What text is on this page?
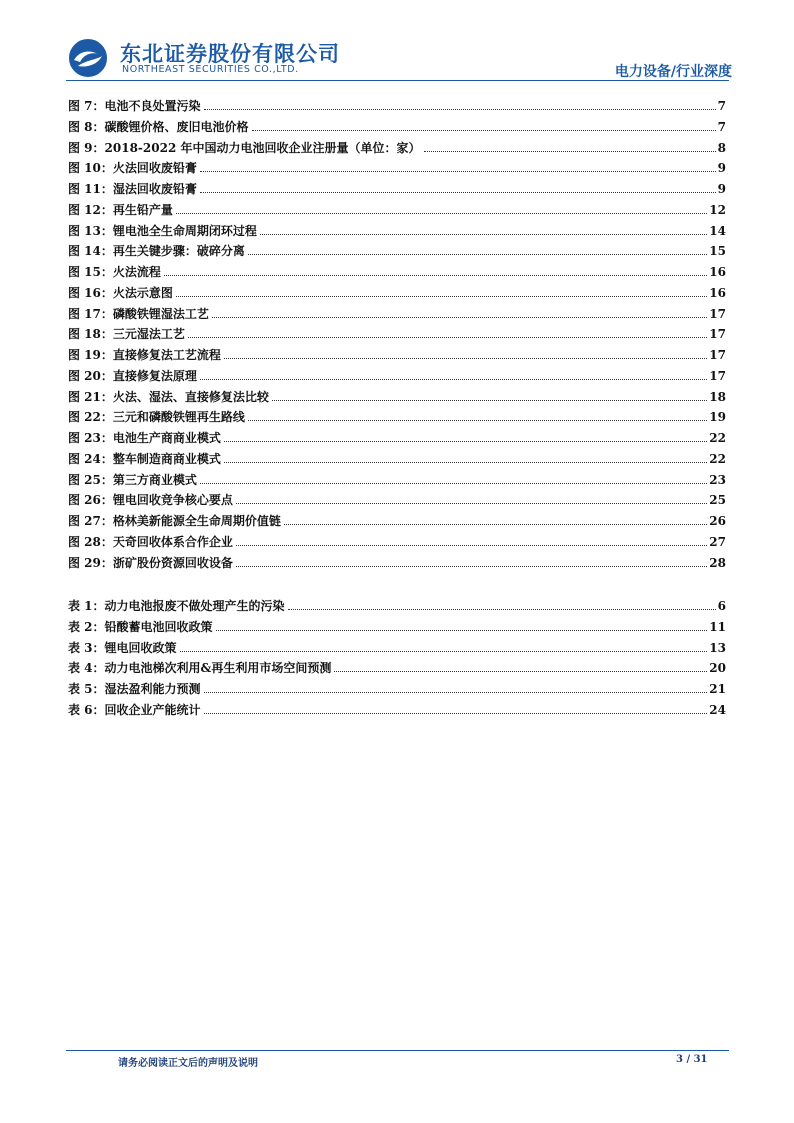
东北证券股份有限公司
NORTHEAST SECURITIES CO.,LTD.	电力设备/行业深度
图 7：电池不良处置污染	7
图 8：碳酸锂价格、废旧电池价格	7
图 9：2018-2022 年中国动力电池回收企业注册量（单位：家）	8
图 10：火法回收废铅膏	9
图 11：湿法回收废铅膏	9
图 12：再生铅产量	12
图 13：锂电池全生命周期闭环过程	14
图 14：再生关键步骤：破碎分离	15
图 15：火法流程	16
图 16：火法示意图	16
图 17：磷酸铁锂湿法工艺	17
图 18：三元湿法工艺	17
图 19：直接修复法工艺流程	17
图 20：直接修复法原理	17
图 21：火法、湿法、直接修复法比较	18
图 22：三元和磷酸铁锂再生路线	19
图 23：电池生产商商业模式	22
图 24：整车制造商商业模式	22
图 25：第三方商业模式	23
图 26：锂电回收竞争核心要点	25
图 27：格林美新能源全生命周期价值链	26
图 28：天奇回收体系合作企业	27
图 29：浙矿股份资源回收设备	28
表 1：动力电池报废不做处理产生的污染	6
表 2：铅酸蓄电池回收政策	11
表 3：锂电回收政策	13
表 4：动力电池梯次利用&再生利用市场空间预测	20
表 5：湿法盈利能力预测	21
表 6：回收企业产能统计	24
请务必阅读正文后的声明及说明	3 / 31
